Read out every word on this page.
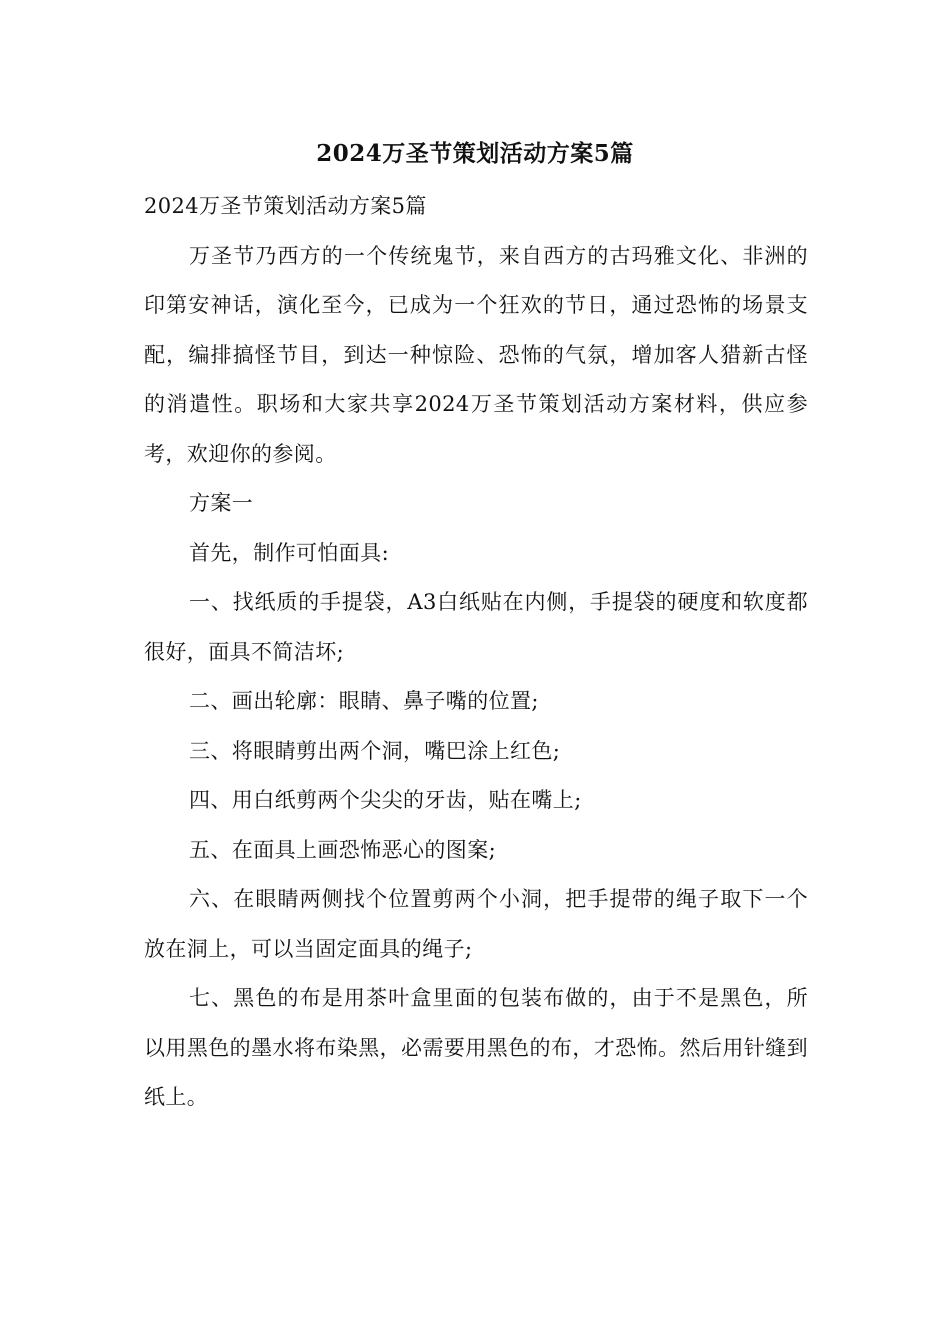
2024万圣节策划活动方案5篇

2024万圣节策划活动方案5篇

万圣节乃西方的一个传统鬼节，来自西方的古玛雅文化、非洲的印第安神话，演化至今，已成为一个狂欢的节日，通过恐怖的场景支配，编排搞怪节目，到达一种惊险、恐怖的气氛，增加客人猎新古怪　　的消遣性。职场和大家共享2024万圣节策划活动方案材料，供应参考，欢迎你的参阅。

方案一

首先，制作可怕面具:

一、找纸质的手提袋，A3白纸贴在内侧，手提袋的硬度和软度都很好，面具不简洁坏;

二、画出轮廓：眼睛、鼻子嘴的位置;

三、将眼睛剪出两个洞，嘴巴涂上红色;

四、用白纸剪两个尖尖的牙齿，贴在嘴上;

五、在面具上画恐怖恶心的图案;

六、在眼睛两侧找个位置剪两个小洞，把手提带的绳子取下一个放在洞上，可以当固定面具的绳子;

七、黑色的布是用茶叶盒里面的包装布做的，由于不是黑色，所以用黑色的墨水将布染黑，必需要用黑色的布，才恐怖。然后用针缝到纸上。
